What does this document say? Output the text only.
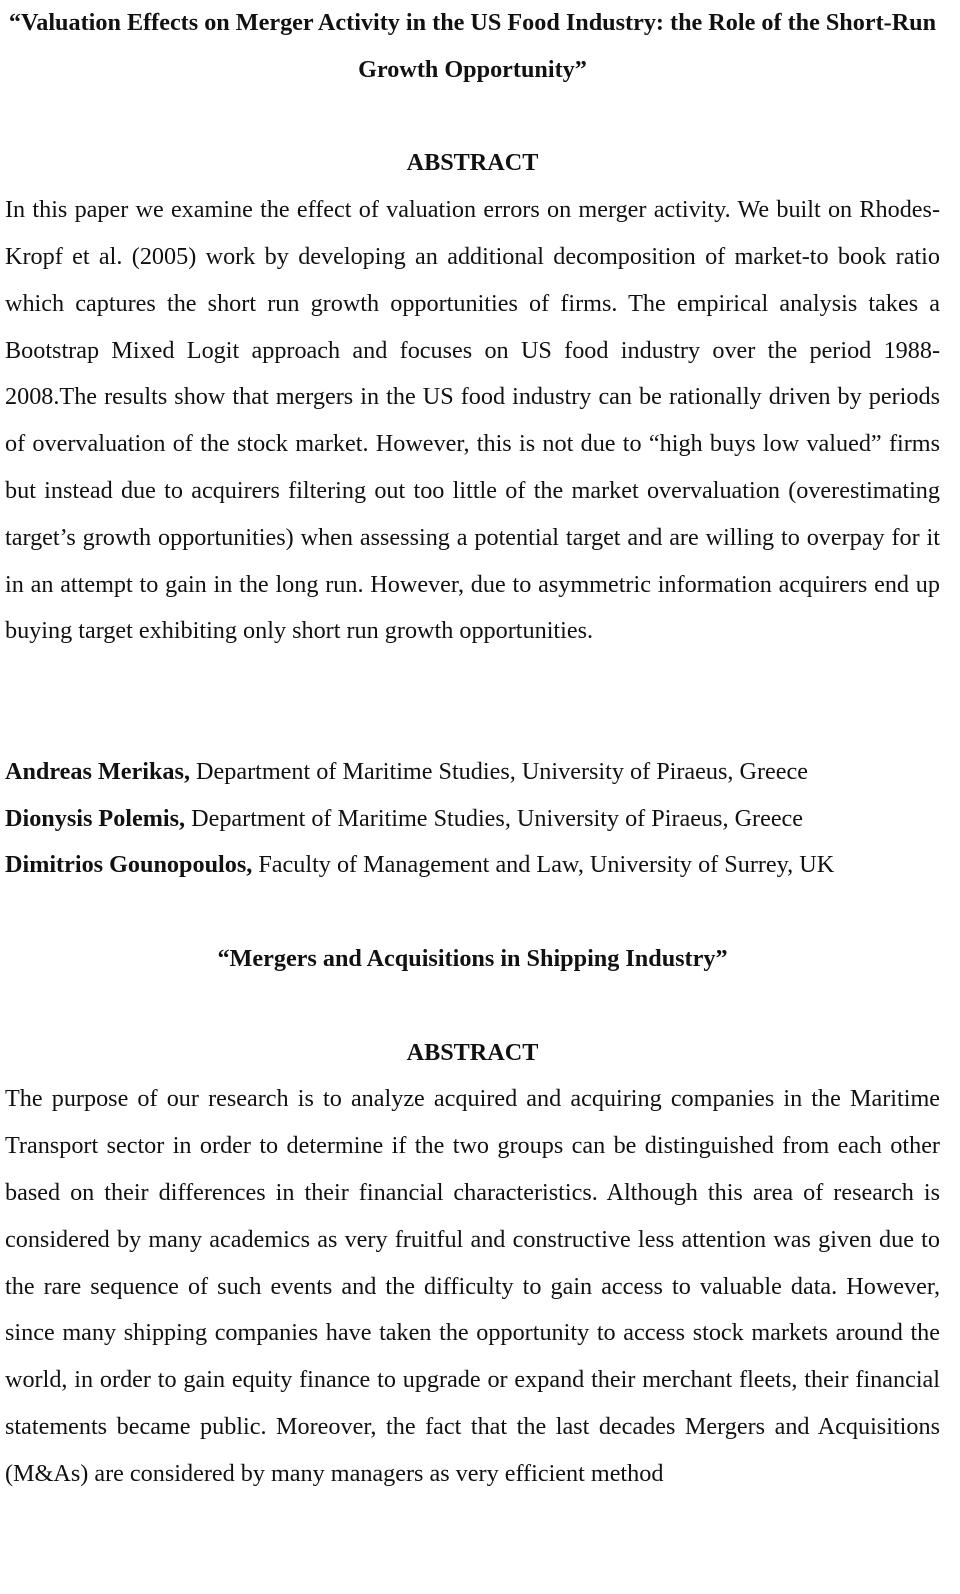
“Valuation Effects on Merger Activity in the US Food Industry: the Role of the Short-Run Growth Opportunity”

ABSTRACT

In this paper we examine the effect of valuation errors on merger activity. We built on Rhodes-Kropf et al. (2005) work by developing an additional decomposition of market-to book ratio which captures the short run growth opportunities of firms. The empirical analysis takes a Bootstrap Mixed Logit approach and focuses on US food industry over the period 1988-2008.The results show that mergers in the US food industry can be rationally driven by periods of overvaluation of the stock market. However, this is not due to “high buys low valued” firms but instead due to acquirers filtering out too little of the market overvaluation (overestimating target’s growth opportunities) when assessing a potential target and are willing to overpay for it in an attempt to gain in the long run. However, due to asymmetric information acquirers end up buying target exhibiting only short run growth opportunities.

Andreas Merikas, Department of Maritime Studies, University of Piraeus, Greece

Dionysis Polemis, Department of Maritime Studies, University of Piraeus, Greece

Dimitrios Gounopoulos, Faculty of Management and Law, University of Surrey, UK

“Mergers and Acquisitions in Shipping Industry”

ABSTRACT

The purpose of our research is to analyze acquired and acquiring companies in the Maritime Transport sector in order to determine if the two groups can be distinguished from each other based on their differences in their financial characteristics. Although this area of research is considered by many academics as very fruitful and constructive less attention was given due to the rare sequence of such events and the difficulty to gain access to valuable data. However, since many shipping companies have taken the opportunity to access stock markets around the world, in order to gain equity finance to upgrade or expand their merchant fleets, their financial statements became public. Moreover, the fact that the last decades Mergers and Acquisitions (M&As) are considered by many managers as very efficient method
